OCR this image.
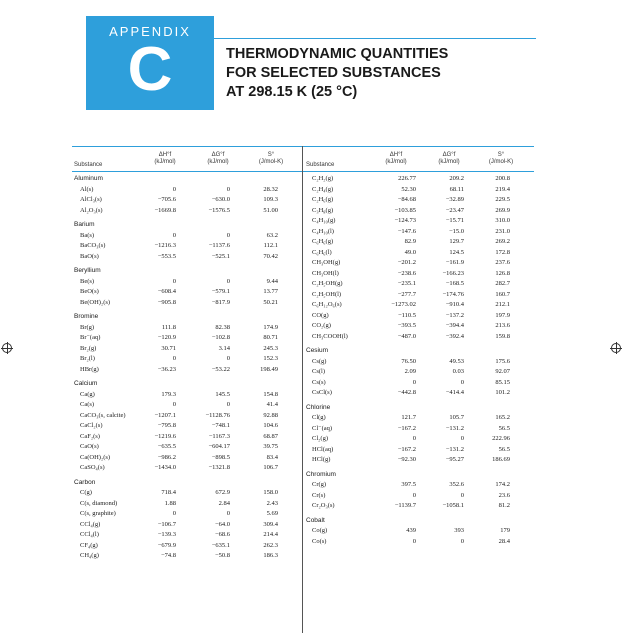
APPENDIX
C	THERMODYNAMIC QUANTITIES
FOR SELECTED SUBSTANCES
AT 298.15 K (25 °C)
Substance
ΔH°f
(kJ/mol)
ΔG°f
(kJ/mol)
S°
(J/mol-K)	Substance
ΔH°f
(kJ/mol)
ΔG°f
(kJ/mol)
S°
(J/mol-K)
Aluminum
Al(s)	0	0	28.32
AlCl₃(s)	−705.6	−630.0	109.3
Al₂O₃(s)	−1669.8	−1576.5	51.00
Barium
Ba(s)	0	0	63.2
BaCO₃(s)	−1216.3	−1137.6	112.1
BaO(s)	−553.5	−525.1	70.42
Beryllium
Be(s)	0	0	9.44
BeO(s)	−608.4	−579.1	13.77
Be(OH)₂(s)	−905.8	−817.9	50.21
Bromine
Br(g)	111.8	82.38	174.9
Br⁻(aq)	−120.9	−102.8	80.71
Br₂(g)	30.71	3.14	245.3
Br₂(l)	0	0	152.3
HBr(g)	−36.23	−53.22	198.49
Calcium
Ca(g)	179.3	145.5	154.8
Ca(s)	0	0	41.4
CaCO₃(s, calcite)	−1207.1	−1128.76	92.88
CaCl₂(s)	−795.8	−748.1	104.6
CaF₂(s)	−1219.6	−1167.3	68.87
CaO(s)	−635.5	−604.17	39.75
Ca(OH)₂(s)	−986.2	−898.5	83.4
CaSO₄(s)	−1434.0	−1321.8	106.7
Carbon
C(g)	718.4	672.9	158.0
C(s, diamond)	1.88	2.84	2.43
C(s, graphite)	0	0	5.69
CCl₄(g)	−106.7	−64.0	309.4
CCl₄(l)	−139.3	−68.6	214.4
CF₄(g)	−679.9	−635.1	262.3
CH₄(g)	−74.8	−50.8	186.3
C₂H₂(g)	226.77	209.2	200.8
C₂H₄(g)	52.30	68.11	219.4
C₂H₆(g)	−84.68	−32.89	229.5
C₃H₈(g)	−103.85	−23.47	269.9
C₄H₁₀(g)	−124.73	−15.71	310.0
C₄H₁₀(l)	−147.6	−15.0	231.0
C₆H₆(g)	82.9	129.7	269.2
C₆H₆(l)	49.0	124.5	172.8
CH₃OH(g)	−201.2	−161.9	237.6
CH₃OH(l)	−238.6	−166.23	126.8
C₂H₅OH(g)	−235.1	−168.5	282.7
C₂H₅OH(l)	−277.7	−174.76	160.7
C₆H₁₂O₆(s)	−1273.02	−910.4	212.1
CO(g)	−110.5	−137.2	197.9
CO₂(g)	−393.5	−394.4	213.6
CH₃COOH(l)	−487.0	−392.4	159.8
Cesium
Cs(g)	76.50	49.53	175.6
Cs(l)	2.09	0.03	92.07
Cs(s)	0	0	85.15
CsCl(s)	−442.8	−414.4	101.2
Chlorine
Cl(g)	121.7	105.7	165.2
Cl⁻(aq)	−167.2	−131.2	56.5
Cl₂(g)	0	0	222.96
HCl(aq)	−167.2	−131.2	56.5
HCl(g)	−92.30	−95.27	186.69
Chromium
Cr(g)	397.5	352.6	174.2
Cr(s)	0	0	23.6
Cr₂O₃(s)	−1139.7	−1058.1	81.2
Cobalt
Co(g)	439	393	179
Co(s)	0	0	28.4
